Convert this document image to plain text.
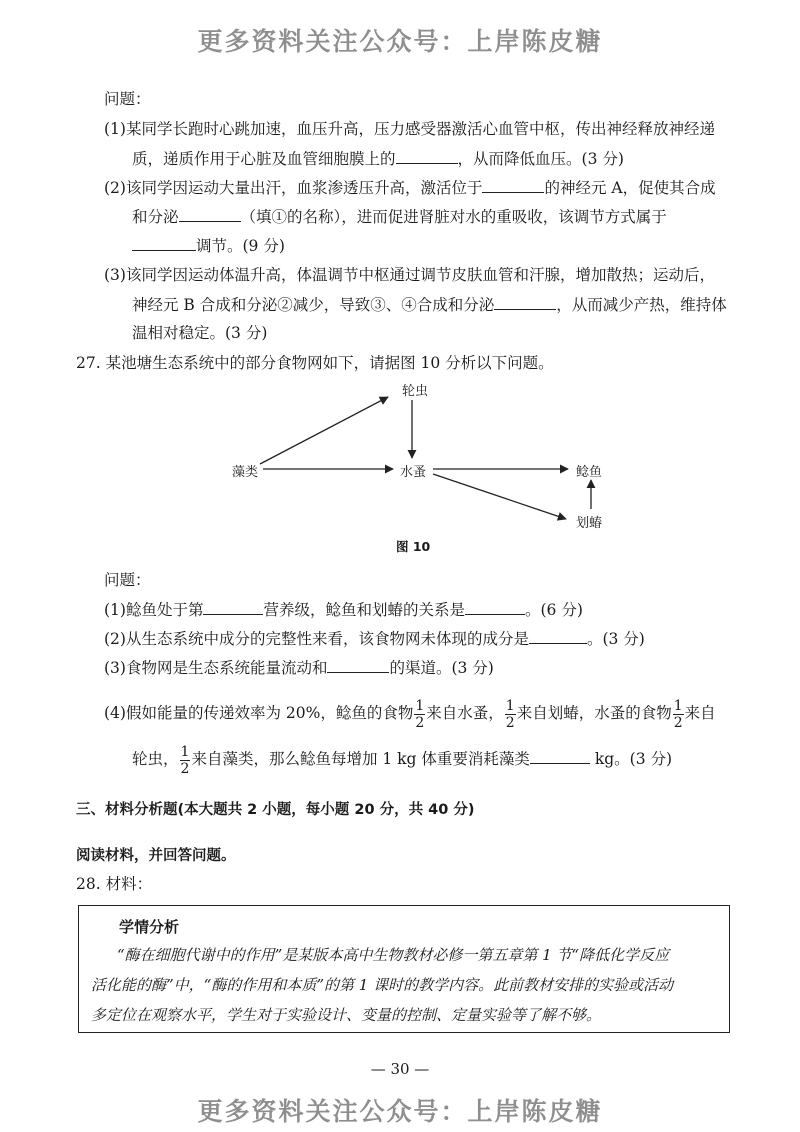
更多资料关注公众号：上岸陈皮糖
问题：
(1)某同学长跑时心跳加速，血压升高，压力感受器激活心血管中枢，传出神经释放神经递
质，递质作用于心脏及血管细胞膜上的	，从而降低血压。(3 分)
(2)该同学因运动大量出汗，血浆渗透压升高，激活位于	的神经元 A，促使其合成
和分泌	（填①的名称），进而促进肾脏对水的重吸收，该调节方式属于
调节。(9 分)
(3)该同学因运动体温升高，体温调节中枢通过调节皮肤血管和汗腺，增加散热；运动后，
神经元 B 合成和分泌②减少，导致③、④合成和分泌	，从而减少产热，维持体
温相对稳定。(3 分)
27. 某池塘生态系统中的部分食物网如下，请据图 10 分析以下问题。
轮虫
藻类	水蚤	鲶鱼
划蝽
图 10
问题：
(1)鲶鱼处于第	营养级，鲶鱼和划蝽的关系是	。(6 分)
(2)从生态系统中成分的完整性来看，该食物网未体现的成分是	。(3 分)
(3)食物网是生态系统能量流动和	的渠道。(3 分)
(4)假如能量的传递效率为 20%，鲶鱼的食物 $\frac{1}{2}$ 来自水蚤， $\frac{1}{2}$ 来自划蝽，水蚤的食物 $\frac{1}{2}$ 来自
轮虫， $\frac{1}{2}$ 来自藻类，那么鲶鱼每增加 1 kg 体重要消耗藻类	kg。(3 分)
三、材料分析题(本大题共 2 小题，每小题 20 分，共 40 分)
阅读材料，并回答问题。
28. 材料：
学情分析
“酶在细胞代谢中的作用”是某版本高中生物教材必修一第五章第 1 节“降低化学反应
活化能的酶”中，“酶的作用和本质”的第 1 课时的教学内容。此前教材安排的实验或活动
多定位在观察水平，学生对于实验设计、变量的控制、定量实验等了解不够。
— 30 —
更多资料关注公众号：上岸陈皮糖
